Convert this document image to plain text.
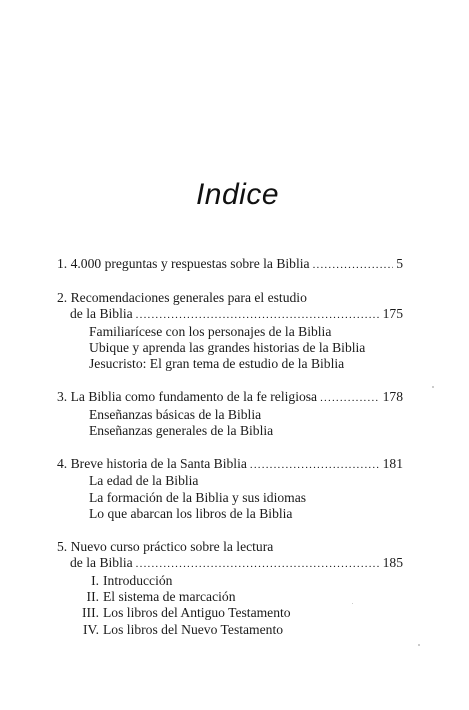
Indice
1. 4.000 preguntas y respuestas sobre la Biblia .....	5
2. Recomendaciones generales para el estudio
de la Biblia .....	175
Familiarícese con los personajes de la Biblia
Ubique y aprenda las grandes historias de la Biblia
Jesucristo: El gran tema de estudio de la Biblia
3. La Biblia como fundamento de la fe religiosa .....	178
Enseñanzas básicas de la Biblia
Enseñanzas generales de la Biblia
4. Breve historia de la Santa Biblia .....	181
La edad de la Biblia
La formación de la Biblia y sus idiomas
Lo que abarcan los libros de la Biblia
5. Nuevo curso práctico sobre la lectura
de la Biblia .....	185
I. Introducción
II. El sistema de marcación
III. Los libros del Antiguo Testamento
IV. Los libros del Nuevo Testamento
